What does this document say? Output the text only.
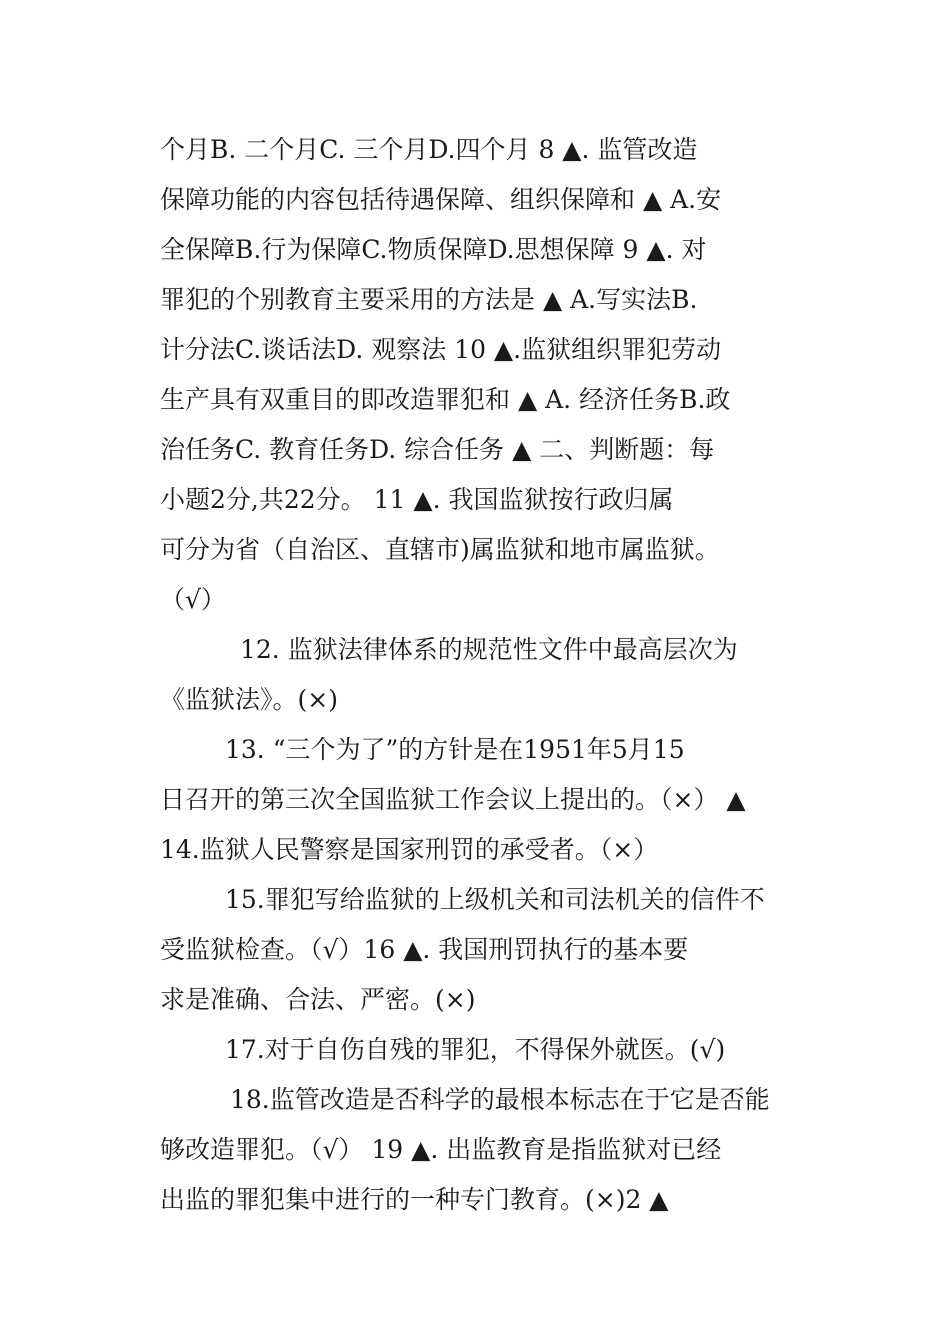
个月B. 二个月C. 三个月D.四个月 8 ▲. 监管改造
保障功能的内容包括待遇保障、组织保障和 ▲ A.安
全保障B.行为保障C.物质保障D.思想保障 9 ▲. 对
罪犯的个别教育主要采用的方法是 ▲ A.写实法B.
计分法C.谈话法D. 观察法 10 ▲.监狱组织罪犯劳动
生产具有双重目的即改造罪犯和 ▲ A. 经济任务B.政
治任务C. 教育任务D. 综合任务 ▲ 二、判断题：每
小题2分,共22分。 11 ▲. 我国监狱按行政归属
可分为省（自治区、直辖市)属监狱和地市属监狱。
（√）
12. 监狱法律体系的规范性文件中最高层次为
《监狱法》。(×)
13. “三个为了”的方针是在1951年5月15
日召开的第三次全国监狱工作会议上提出的。（×） ▲
14.监狱人民警察是国家刑罚的承受者。（×）
15.罪犯写给监狱的上级机关和司法机关的信件不
受监狱检查。（√）16 ▲. 我国刑罚执行的基本要
求是准确、合法、严密。(×)
17.对于自伤自残的罪犯，不得保外就医。(√)
18.监管改造是否科学的最根本标志在于它是否能
够改造罪犯。（√） 19 ▲. 出监教育是指监狱对已经
出监的罪犯集中进行的一种专门教育。(×)2 ▲
